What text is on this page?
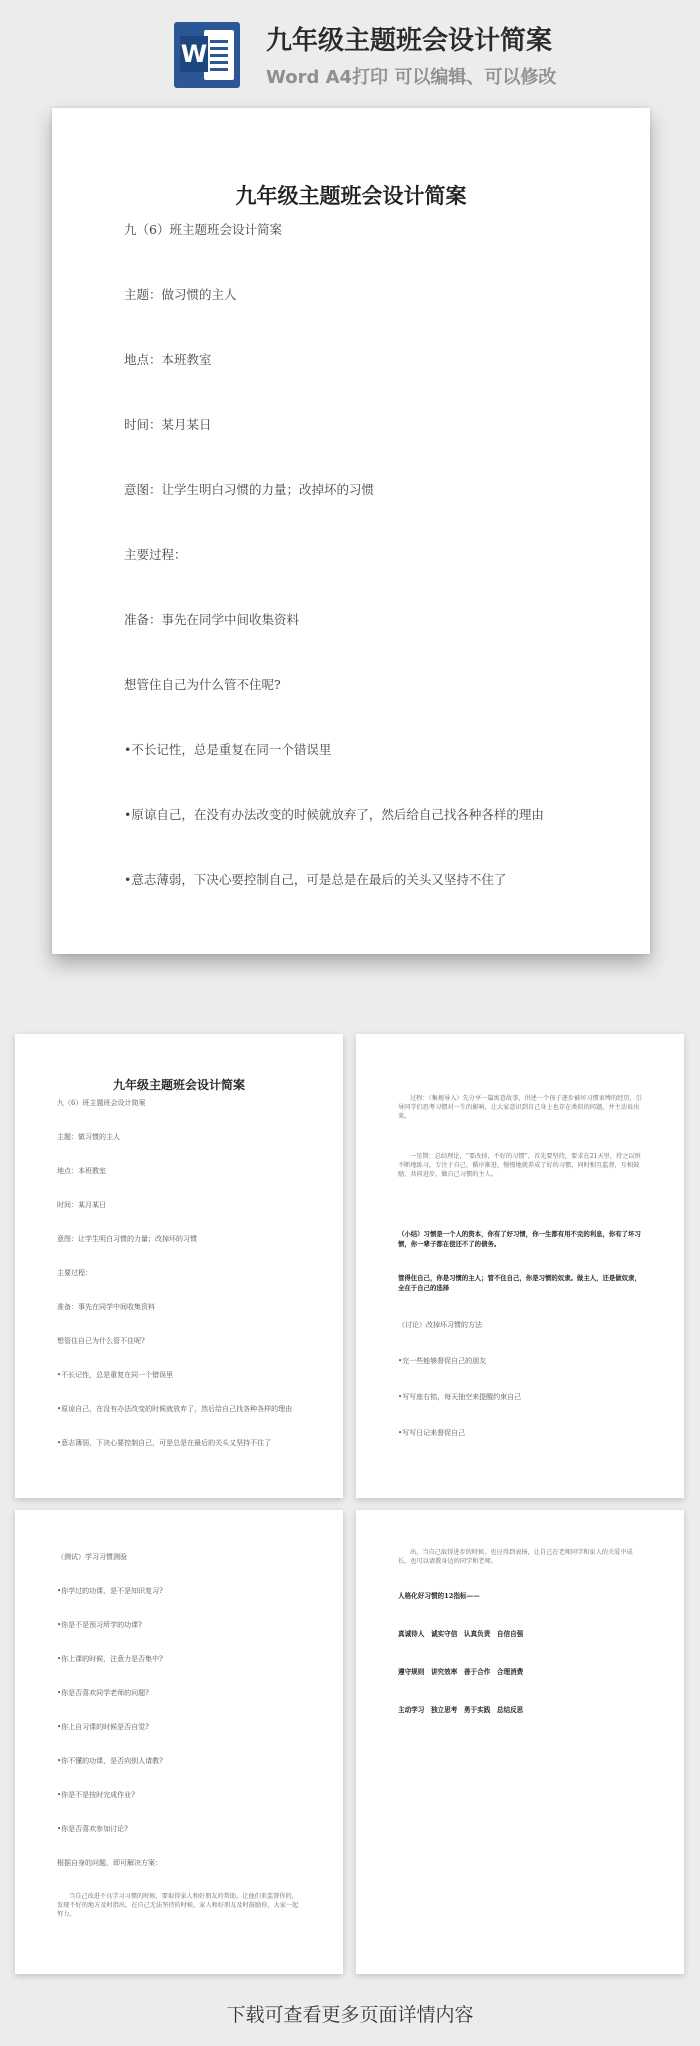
W 九年级主题班会设计简案
Word A4打印 可以编辑、可以修改
九年级主题班会设计简案
九（6）班主题班会设计简案
主题：做习惯的主人
地点：本班教室
时间：某月某日
意图：让学生明白习惯的力量；改掉坏的习惯
主要过程：
准备：事先在同学中间收集资料
想管住自己为什么管不住呢?
•不长记性，总是重复在同一个错误里
•原谅自己，在没有办法改变的时候就放弃了，然后给自己找各种各样的理由
•意志薄弱，下决心要控制自己，可是总是在最后的关头又坚持不住了
九年级主题班会设计简案
九（6）班主题班会设计简案
主题：做习惯的主人
地点：本班教室
时间：某月某日
意图：让学生明白习惯的力量；改掉坏的习惯
主要过程：
准备：事先在同学中间收集资料
想管住自己为什么管不住呢?
•不长记性，总是重复在同一个错误里
•原谅自己，在没有办法改变的时候就放弃了，然后给自己找各种各样的理由
•意志薄弱，下决心要控制自己，可是总是在最后的关头又坚持不住了
过程：（集规导入）先分享一篇寓意故事，讲述一个孩子逐步被坏习惯束缚的经历，引导同学们思考习惯对一生的影响，让大家意识到自己身上也存在类似的问题，并主动说出来。
一星期：总结理论，“要改掉，不好的习惯”，首先要坚持，要求在21天里，持之以恒不断地练习，专注于自己，循序渐进，慢慢地就养成了好的习惯，同时相互监督，互相鼓励，共同进步，做自己习惯的主人。
（小结）习惯是一个人的资本，你有了好习惯，你一生都有用不完的利息，你有了坏习惯，你一辈子都在偿还不了的债务。
管得住自己，你是习惯的主人；管不住自己，你是习惯的奴隶。做主人，还是做奴隶，全在于自己的选择
（讨论）改掉坏习惯的方法
•完一些能够督促自己的朋友
•写写座右铭，每天抽空来提醒约束自己
•写写日记来督促自己
（测试）学习习惯测验
•你学过的功课，是不是知识复习?
•你是不是预习所学的功课?
•你上课的时候，注意力是否集中?
•你是否喜欢同学老师的问题?
•你上自习课的时候是否自觉?
•你不懂的功课，是否向别人请教?
•你是不是按时完成作业?
•你是否喜欢参加讨论?
根据自身的问题，即可解决方案：
当自己改进不良学习习惯的时候，要取得家人和好朋友的帮助，让他们来监督你的，发现不好的地方及时指出，在自己无法坚持的时候，家人和好朋友及时鼓励你，大家一起努力。
出，当自己取得进步的时候，也应得到表扬，让自己在老师同学和家人的关爱中成长，也可以请教身边的同学和老师。
人格化好习惯的12指标——
真诚待人　诚实守信　认真负责　自信自强
遵守规则　讲究效率　善于合作　合理消费
主动学习　独立思考　勇于实践　总结反思
下载可查看更多页面详情内容
